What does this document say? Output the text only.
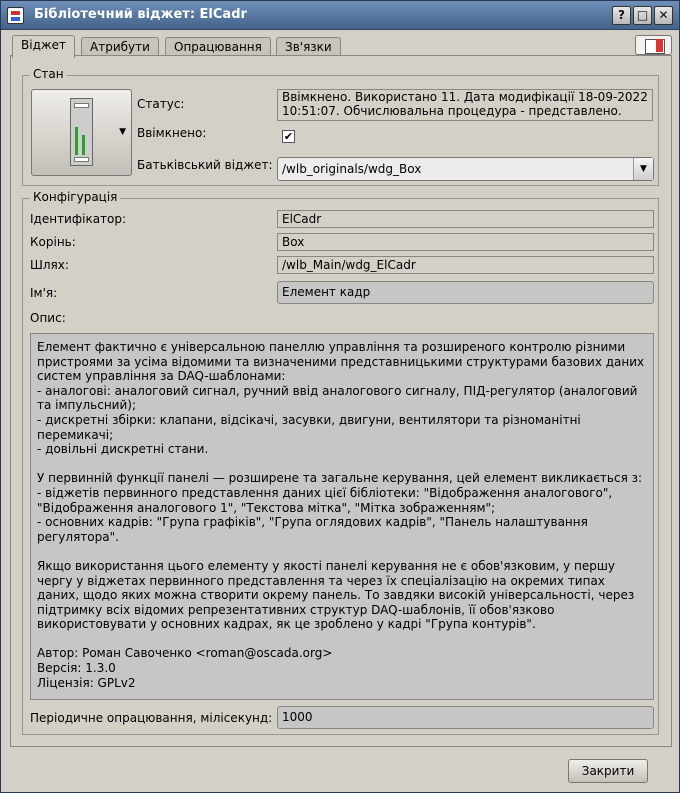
Бібліотечний віджет: ElCadr	? □ ✕
Віджет	Атрибути	Опрацювання	Зв'язки
Стан
▼
Статус:	Ввімкнено. Використано 11. Дата модифікації 18-09-2022 10:51:07. Обчислювальна процедура - представлено.
Ввімкнено:	✔
Батьківський віджет: /wlb_originals/wdg_Box	▼
Конфігурація
Ідентифікатор:	ElCadr
Корінь:	Box
Шлях:	/wlb_Main/wdg_ElCadr
Ім'я:	Елемент кадр
Опис:
Елемент фактично є універсальною панеллю управління та розширеного контролю різними
пристроями за усіма відомими та визначеними представницькими структурами базових даних
систем управління за DAQ-шаблонами:
- аналогові: аналоговий сигнал, ручний ввід аналогового сигналу, ПІД-регулятор (аналоговий
та імпульсний);
- дискретні збірки: клапани, відсікачі, засувки, двигуни, вентилятори та різноманітні
перемикачі;
- довільні дискретні стани.

У первинній функції панелі — розширене та загальне керування, цей елемент викликається з:
- віджетів первинного представлення даних цієї бібліотеки: "Відображення аналогового",
"Відображення аналогового 1", "Текстова мітка", "Мітка зображенням";
- основних кадрів: "Група графіків", "Група оглядових кадрів", "Панель налаштування
регулятора".

Якщо використання цього елементу у якості панелі керування не є обов'язковим, у першу
чергу у віджетах первинного представлення та через їх спеціалізацію на окремих типах
даних, щодо яких можна створити окрему панель. То завдяки високій універсальності, через
підтримку всіх відомих репрезентативних структур DAQ-шаблонів, її обов'язково
використовувати у основних кадрах, як це зроблено у кадрі "Група контурів".

Автор: Роман Савоченко <roman@oscada.org>
Версія: 1.3.0
Ліцензія: GPLv2
Періодичне опрацювання, мілісекунд: 1000
Закрити
